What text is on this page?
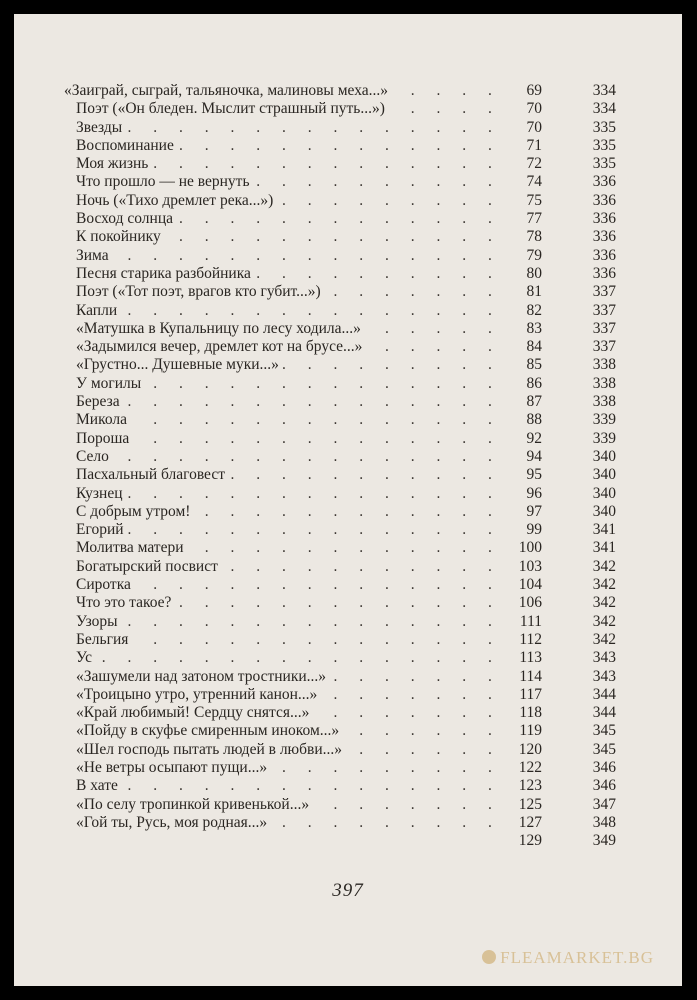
. . .
«Заиграй, сыграй, тальяночка, малиновы меха...»	69	334
. . .
Поэт («Он бледен. Мыслит страшный путь...»)	70	334
. . .
Звезды	70	335
. . .
Воспоминание	71	335
. . .
Моя жизнь	72	335
. . .
Что прошло — не вернуть	74	336
. . .
Ночь («Тихо дремлет река...»)	75	336
. . .
Восход солнца	77	336
. . .
К покойнику	78	336
. . .
Зима	79	336
. . .
Песня старика разбойника	80	336
. . .
Поэт («Тот поэт, врагов кто губит...»)	81	337
. . .
Капли	82	337
. . .
«Матушка в Купальницу по лесу ходила...»	83	337
. . .
«Задымился вечер, дремлет кот на брусе...»	84	337
. . .
«Грустно... Душевные муки...»	85	338
. . .
У могилы	86	338
. . .
Береза	87	338
. . .
Микола	88	339
. . .
Пороша	92	339
. . .
Село	94	340
. . .
Пасхальный благовест	95	340
. . .
Кузнец	96	340
. . .
С добрым утром!	97	340
. . .
Егорий	99	341
. . .
Молитва матери	100	341
. . .
Богатырский посвист	103	342
. . .
Сиротка	104	342
. . .
Что это такое?	106	342
. . .
Узоры	111	342
. . .
Бельгия	112	342
. . .
Ус	113	343
. . .
«Зашумели над затоном тростники...»	114	343
. . .
«Троицыно утро, утренний канон...»	117	344
. . .
«Край любимый! Сердцу снятся...»	118	344
. . .
«Пойду в скуфье смиренным иноком...»	119	345
. . .
«Шел господь пытать людей в любви...»	120	345
. . .
«Не ветры осыпают пущи...»	122	346
. . .
В хате	123	346
. . .
«По селу тропинкой кривенькой...»	125	347
. . .
«Гой ты, Русь, моя родная...»	127	348
129	349
397
FLEAMARKET.BG
